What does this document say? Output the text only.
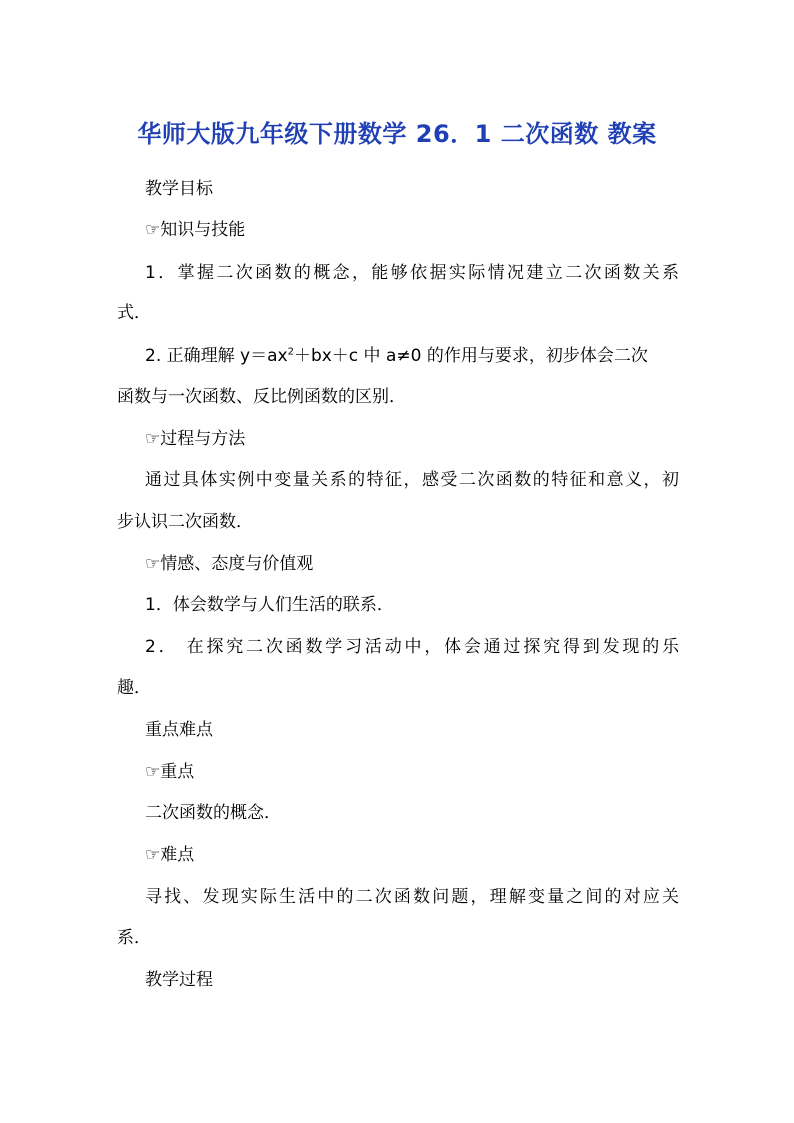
华师大版九年级下册数学 26．1 二次函数 教案
教学目标
☞知识与技能
1．掌握二次函数的概念，能够依据实际情况建立二次函数关系
式．
2. 正确理解 $y=ax^2+bx+c$ 中 a≠0 的作用与要求，初步体会二次
函数与一次函数、反比例函数的区别．
☞过程与方法
通过具体实例中变量关系的特征，感受二次函数的特征和意义，初
步认识二次函数．
☞情感、态度与价值观
1．体会数学与人们生活的联系．
2． 在探究二次函数学习活动中，体会通过探究得到发现的乐
趣．
重点难点
☞重点
二次函数的概念．
☞难点
寻找、发现实际生活中的二次函数问题，理解变量之间的对应关
系．
教学过程
